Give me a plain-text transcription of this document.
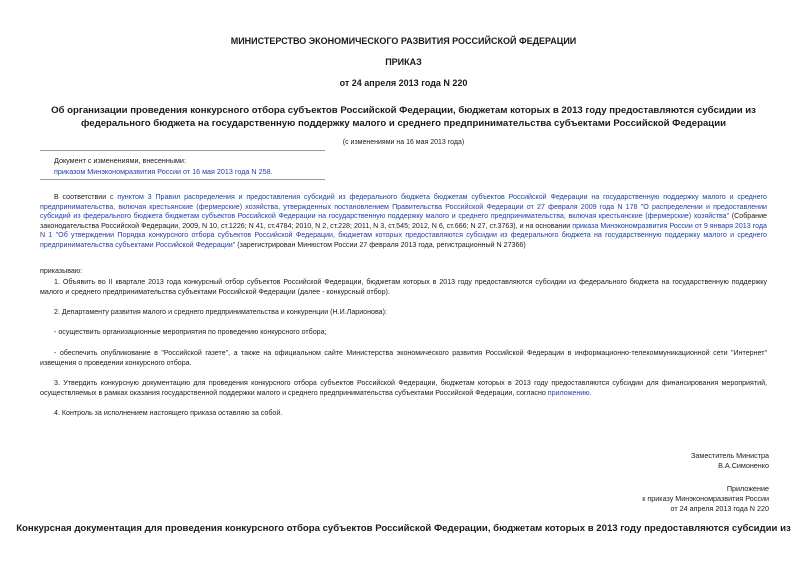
МИНИСТЕРСТВО ЭКОНОМИЧЕСКОГО РАЗВИТИЯ РОССИЙСКОЙ ФЕДЕРАЦИИ
ПРИКАЗ
от 24 апреля 2013 года N 220
Об организации проведения конкурсного отбора субъектов Российской Федерации, бюджетам которых в 2013 году предоставляются субсидии из федерального бюджета на государственную поддержку малого и среднего предпринимательства субъектами Российской Федерации
(с изменениями на 16 мая 2013 года)
Документ с изменениями, внесенными:
приказом Минэкономразвития России от 16 мая 2013 года N 258.
В соответствии с пунктом 3 Правил распределения и предоставления субсидий из федерального бюджета бюджетам субъектов Российской Федерации на государственную поддержку малого и среднего предпринимательства, включая крестьянские (фермерские) хозяйства, утвержденных постановлением Правительства Российской Федерации от 27 февраля 2009 года N 178 "О распределении и предоставлении субсидий из федерального бюджета бюджетам субъектов Российской Федерации на государственную поддержку малого и среднего предпринимательства, включая крестьянские (фермерские) хозяйства" (Собрание законодательства Российской Федерации, 2009, N 10, ст.1226; N 41, ст.4784; 2010, N 2, ст.228; 2011, N 3, ст.545; 2012, N 6, ст.666; N 27, ст.3763), и на основании приказа Минэкономразвития России от 9 января 2013 года N 1 "Об утверждении Порядка конкурсного отбора субъектов Российской Федерации, бюджетам которых предоставляются субсидии из федерального бюджета на государственную поддержку малого и среднего предпринимательства субъектами Российской Федерации" (зарегистрирован Минюстом России 27 февраля 2013 года, регистрационный N 27366)
приказываю:
1. Объявить во II квартале 2013 года конкурсный отбор субъектов Российской Федерации, бюджетам которых в 2013 году предоставляются субсидии из федерального бюджета на государственную поддержку малого и среднего предпринимательства субъектами Российской Федерации (далее - конкурсный отбор).
2. Департаменту развития малого и среднего предпринимательства и конкуренции (Н.И.Ларионова):
- осуществить организационные мероприятия по проведению конкурсного отбора;
- обеспечить опубликование в "Российской газете", а также на официальном сайте Министерства экономического развития Российской Федерации в информационно-телекоммуникационной сети "Интернет" извещения о проведении конкурсного отбора.
3. Утвердить конкурсную документацию для проведения конкурсного отбора субъектов Российской Федерации, бюджетам которых в 2013 году предоставляются субсидии для финансирования мероприятий, осуществляемых в рамках оказания государственной поддержки малого и среднего предпринимательства субъектами Российской Федерации, согласно приложению.
4. Контроль за исполнением настоящего приказа оставляю за собой.
Заместитель Министра
В.А.Симоненко
Приложение
к приказу Минэкономразвития России
от 24 апреля 2013 года N 220
Конкурсная документация для проведения конкурсного отбора субъектов Российской Федерации, бюджетам которых в 2013 году предоставляются субсидии из
